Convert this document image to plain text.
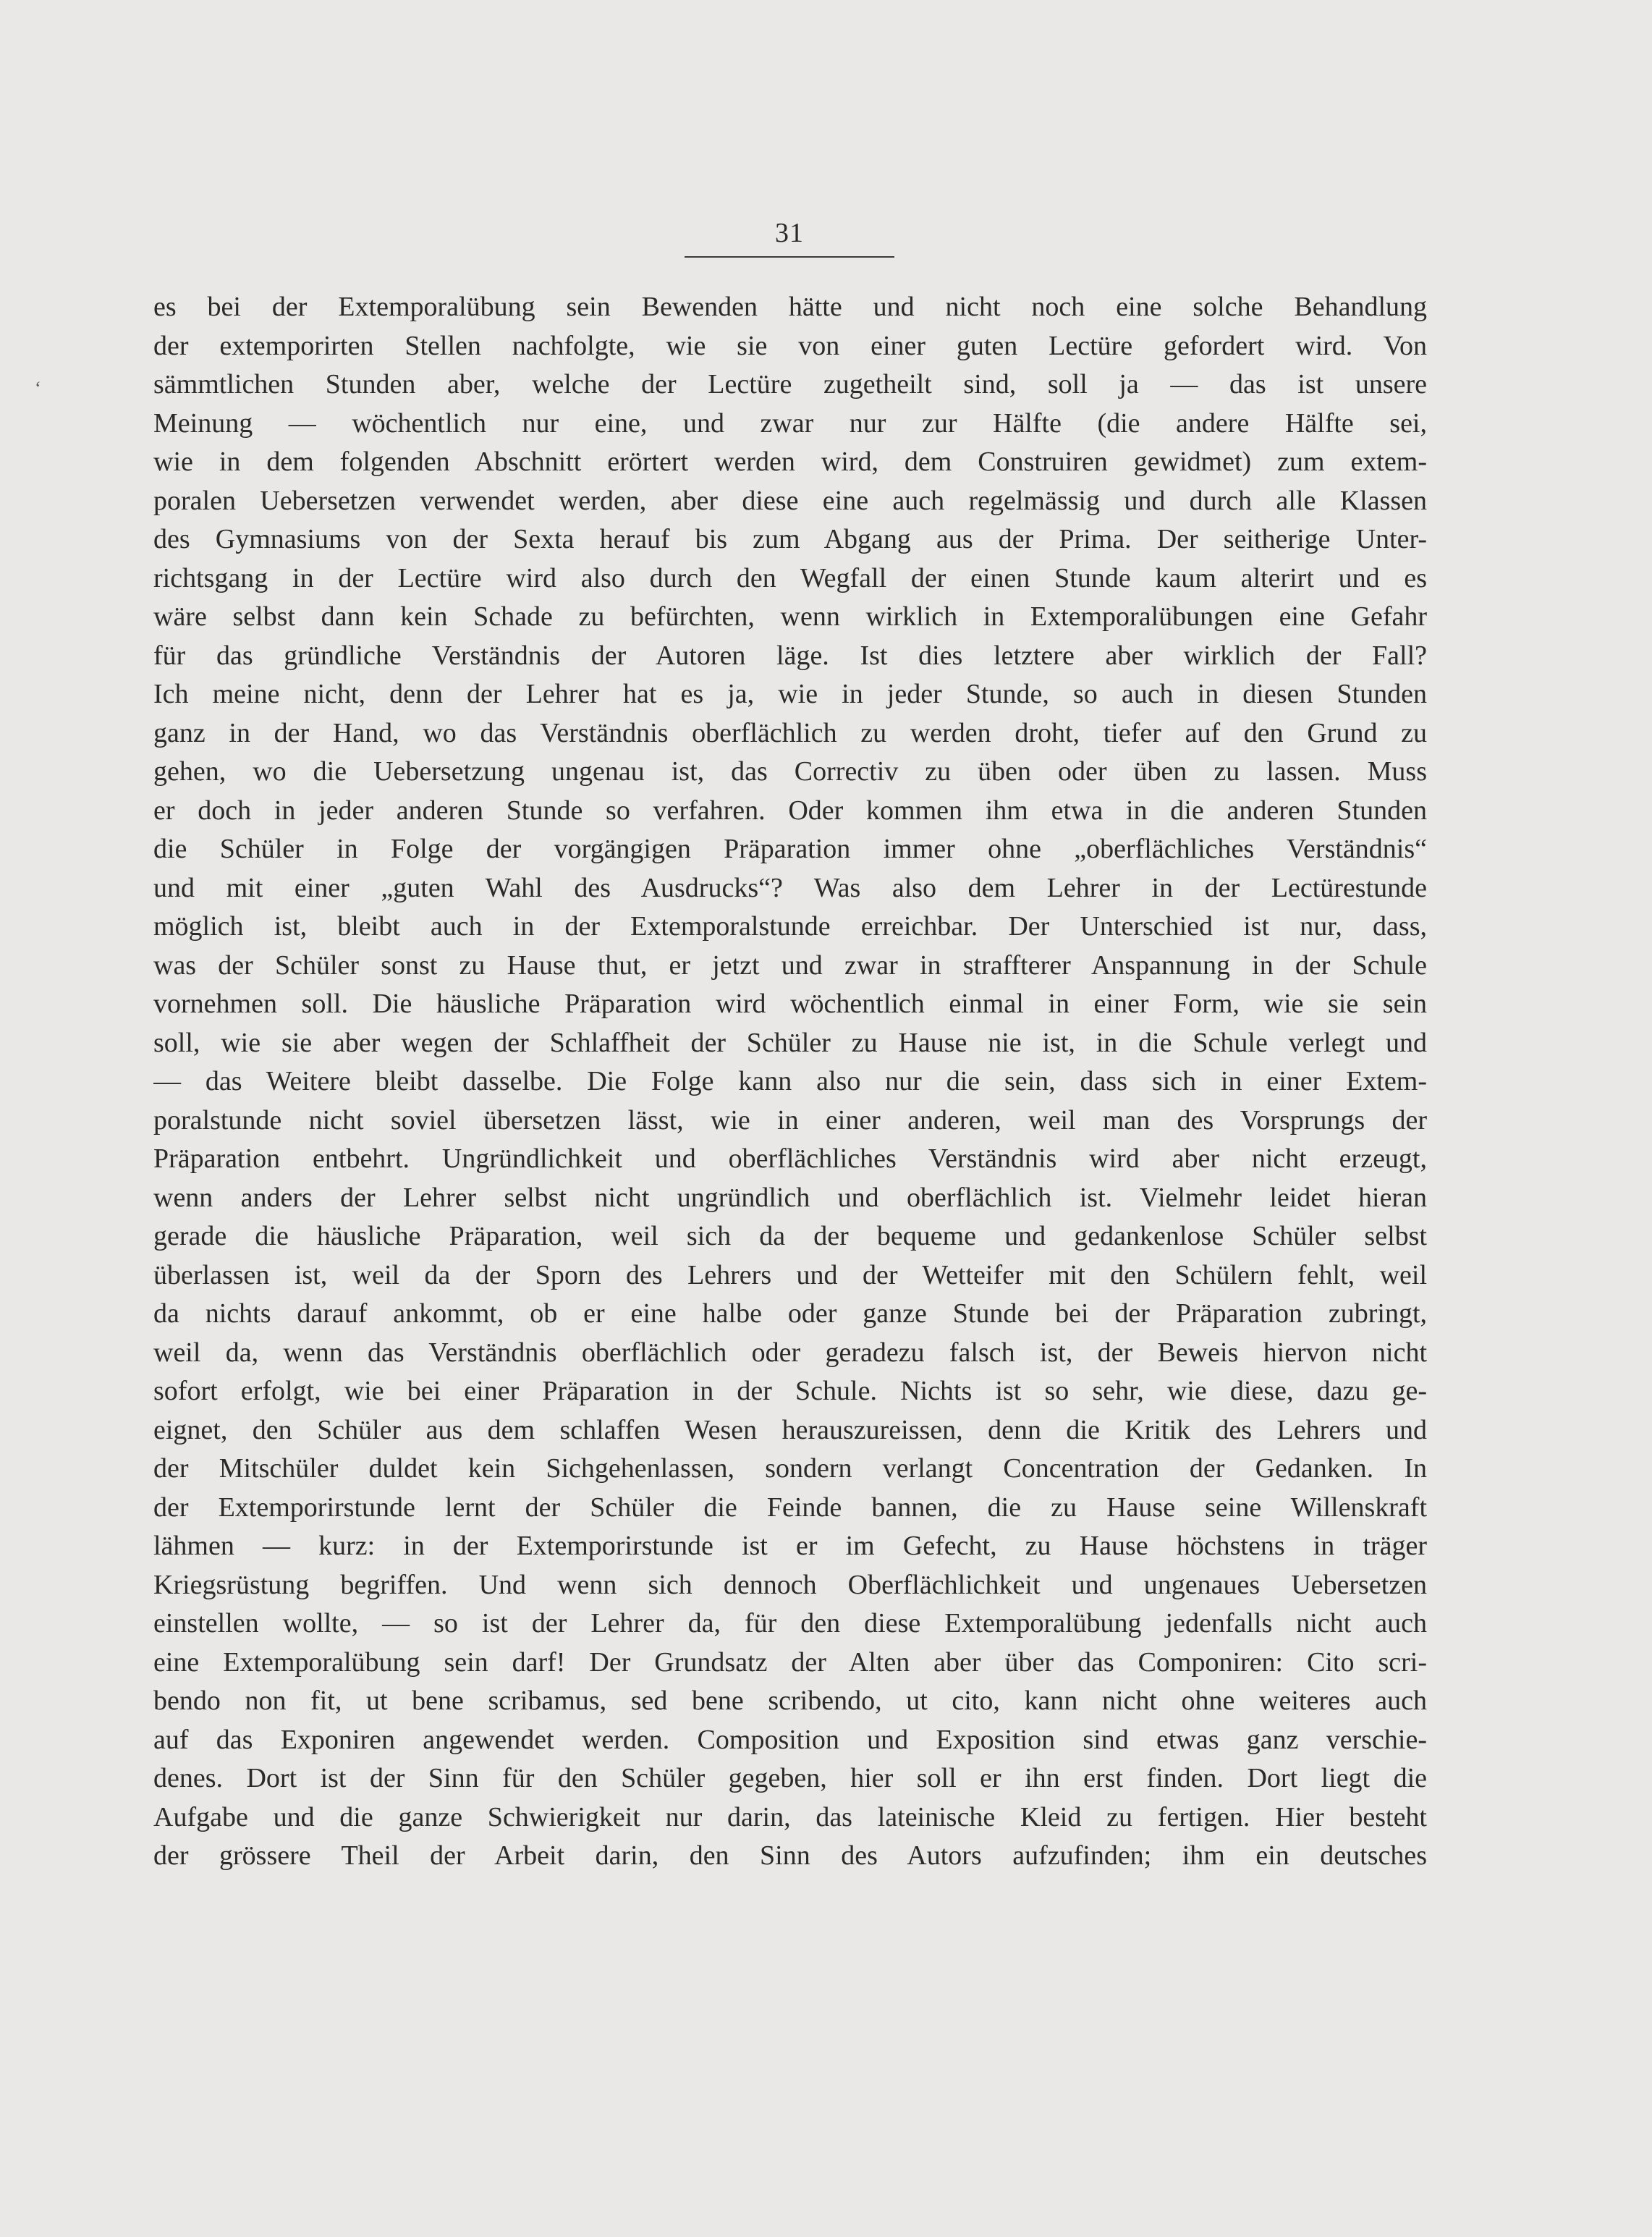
31
‘
es bei der Extemporalübung sein Bewenden hätte und nicht noch eine solche Behandlung
der extemporirten Stellen nachfolgte, wie sie von einer guten Lectüre gefordert wird. Von
sämmtlichen Stunden aber, welche der Lectüre zugetheilt sind, soll ja — das ist unsere
Meinung — wöchentlich nur eine, und zwar nur zur Hälfte (die andere Hälfte sei,
wie in dem folgenden Abschnitt erörtert werden wird, dem Construiren gewidmet) zum extem-
poralen Uebersetzen verwendet werden, aber diese eine auch regelmässig und durch alle Klassen
des Gymnasiums von der Sexta herauf bis zum Abgang aus der Prima. Der seitherige Unter-
richtsgang in der Lectüre wird also durch den Wegfall der einen Stunde kaum alterirt und es
wäre selbst dann kein Schade zu befürchten, wenn wirklich in Extemporalübungen eine Gefahr
für das gründliche Verständnis der Autoren läge. Ist dies letztere aber wirklich der Fall?
Ich meine nicht, denn der Lehrer hat es ja, wie in jeder Stunde, so auch in diesen Stunden
ganz in der Hand, wo das Verständnis oberflächlich zu werden droht, tiefer auf den Grund zu
gehen, wo die Uebersetzung ungenau ist, das Correctiv zu üben oder üben zu lassen. Muss
er doch in jeder anderen Stunde so verfahren. Oder kommen ihm etwa in die anderen Stunden
die Schüler in Folge der vorgängigen Präparation immer ohne „oberflächliches Verständnis“
und mit einer „guten Wahl des Ausdrucks“? Was also dem Lehrer in der Lectürestunde
möglich ist, bleibt auch in der Extemporalstunde erreichbar. Der Unterschied ist nur, dass,
was der Schüler sonst zu Hause thut, er jetzt und zwar in straffterer Anspannung in der Schule
vornehmen soll. Die häusliche Präparation wird wöchentlich einmal in einer Form, wie sie sein
soll, wie sie aber wegen der Schlaffheit der Schüler zu Hause nie ist, in die Schule verlegt und
— das Weitere bleibt dasselbe. Die Folge kann also nur die sein, dass sich in einer Extem-
poralstunde nicht soviel übersetzen lässt, wie in einer anderen, weil man des Vorsprungs der
Präparation entbehrt. Ungründlichkeit und oberflächliches Verständnis wird aber nicht erzeugt,
wenn anders der Lehrer selbst nicht ungründlich und oberflächlich ist. Vielmehr leidet hieran
gerade die häusliche Präparation, weil sich da der bequeme und gedankenlose Schüler selbst
überlassen ist, weil da der Sporn des Lehrers und der Wetteifer mit den Schülern fehlt, weil
da nichts darauf ankommt, ob er eine halbe oder ganze Stunde bei der Präparation zubringt,
weil da, wenn das Verständnis oberflächlich oder geradezu falsch ist, der Beweis hiervon nicht
sofort erfolgt, wie bei einer Präparation in der Schule. Nichts ist so sehr, wie diese, dazu ge-
eignet, den Schüler aus dem schlaffen Wesen herauszureissen, denn die Kritik des Lehrers und
der Mitschüler duldet kein Sichgehenlassen, sondern verlangt Concentration der Gedanken. In
der Extemporirstunde lernt der Schüler die Feinde bannen, die zu Hause seine Willenskraft
lähmen — kurz: in der Extemporirstunde ist er im Gefecht, zu Hause höchstens in träger
Kriegsrüstung begriffen. Und wenn sich dennoch Oberflächlichkeit und ungenaues Uebersetzen
einstellen wollte, — so ist der Lehrer da, für den diese Extemporalübung jedenfalls nicht auch
eine Extemporalübung sein darf! Der Grundsatz der Alten aber über das Componiren: Cito scri-
bendo non fit, ut bene scribamus, sed bene scribendo, ut cito, kann nicht ohne weiteres auch
auf das Exponiren angewendet werden. Composition und Exposition sind etwas ganz verschie-
denes. Dort ist der Sinn für den Schüler gegeben, hier soll er ihn erst finden. Dort liegt die
Aufgabe und die ganze Schwierigkeit nur darin, das lateinische Kleid zu fertigen. Hier besteht
der grössere Theil der Arbeit darin, den Sinn des Autors aufzufinden; ihm ein deutsches
